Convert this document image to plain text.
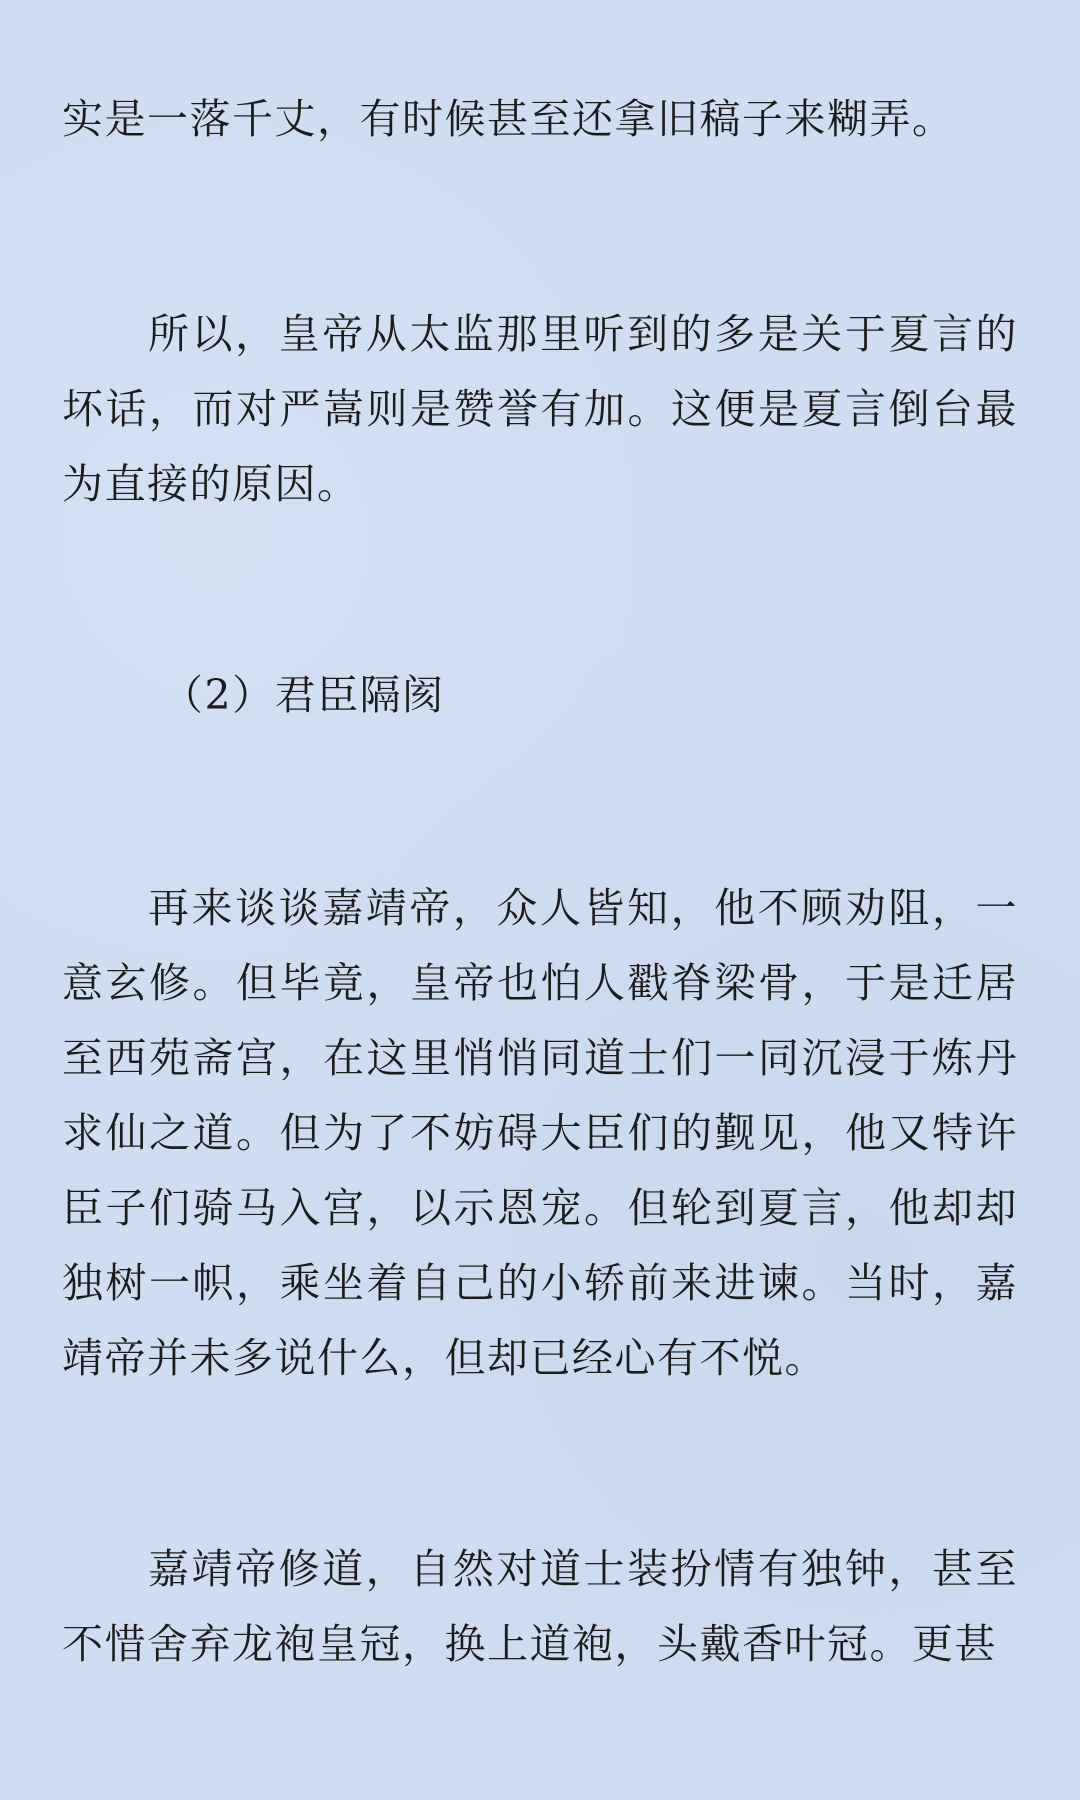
实是一落千丈，有时候甚至还拿旧稿子来糊弄。

所以，皇帝从太监那里听到的多是关于夏言的坏话，而对严嵩则是赞誉有加。这便是夏言倒台最为直接的原因。

（2）君臣隔阂

再来谈谈嘉靖帝，众人皆知，他不顾劝阻，一意玄修。但毕竟，皇帝也怕人戳脊梁骨，于是迁居至西苑斋宫，在这里悄悄同道士们一同沉浸于炼丹求仙之道。但为了不妨碍大臣们的觐见，他又特许臣子们骑马入宫，以示恩宠。但轮到夏言，他却却独树一帜，乘坐着自己的小轿前来进谏。当时，嘉靖帝并未多说什么，但却已经心有不悦。

嘉靖帝修道，自然对道士装扮情有独钟，甚至不惜舍弃龙袍皇冠，换上道袍，头戴香叶冠。更甚
